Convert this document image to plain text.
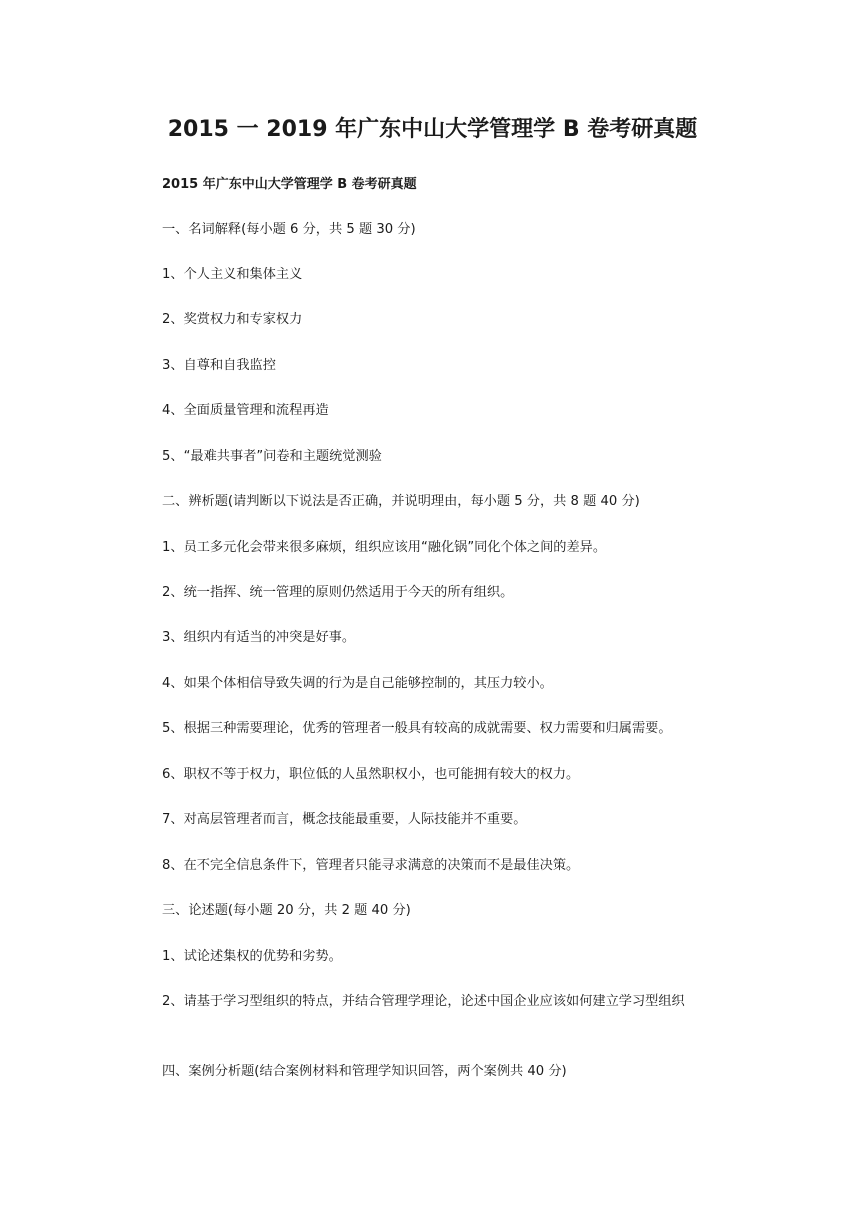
2015 一 2019 年广东中山大学管理学 B 卷考研真题
2015 年广东中山大学管理学 B 卷考研真题
一、名词解释(每小题 6 分，共 5 题 30 分)
1、个人主义和集体主义
2、奖赏权力和专家权力
3、自尊和自我监控
4、全面质量管理和流程再造
5、“最难共事者”问卷和主题统觉测验
二、辨析题(请判断以下说法是否正确，并说明理由，每小题 5 分，共 8 题 40 分)
1、员工多元化会带来很多麻烦，组织应该用“融化锅”同化个体之间的差异。
2、统一指挥、统一管理的原则仍然适用于今天的所有组织。
3、组织内有适当的冲突是好事。
4、如果个体相信导致失调的行为是自己能够控制的，其压力较小。
5、根据三种需要理论，优秀的管理者一般具有较高的成就需要、权力需要和归属需要。
6、职权不等于权力，职位低的人虽然职权小，也可能拥有较大的权力。
7、对高层管理者而言，概念技能最重要，人际技能并不重要。
8、在不完全信息条件下，管理者只能寻求满意的决策而不是最佳决策。
三、论述题(每小题 20 分，共 2 题 40 分)
1、试论述集权的优势和劣势。
2、请基于学习型组织的特点，并结合管理学理论，论述中国企业应该如何建立学习型组织
四、案例分析题(结合案例材料和管理学知识回答，两个案例共 40 分)
